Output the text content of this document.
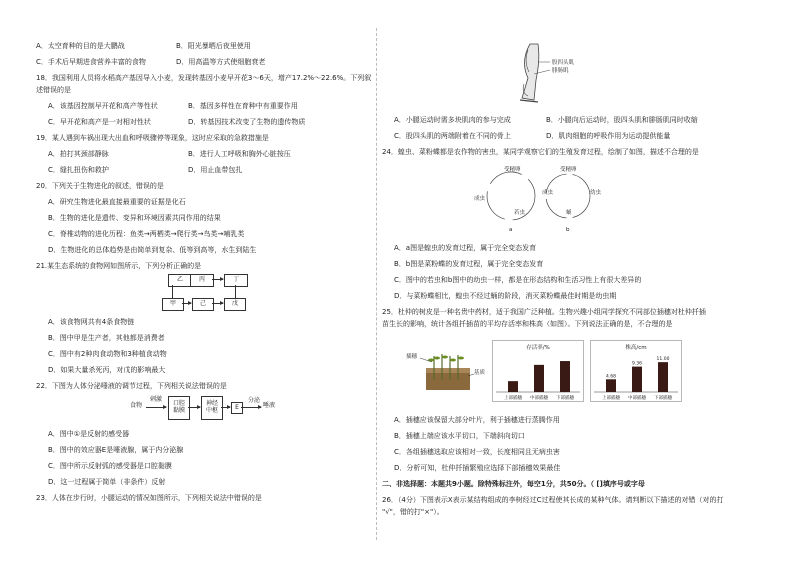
A．太空育种的目的是大鹏战	B．阳光暴晒后夜里使用
C．手术后早期进食营养丰富的食物	D．用高温等方式使细胞衰老
18．我国利用人员将水稻高产基因导入小麦，发现转基因小麦早开花3～6天，增产17.2%～22.6%。下列叙
述错误的是
A．该基因控制早开花和高产等性状	B．基因多样性在育种中有重要作用
C．早开花和高产是一对相对性状	D．转基因技术改变了生物的遗传物质
19．某人遇到车祸出现大出血和呼吸骤停等现象，这时应采取的急救措施是
A．拍打其颈部静脉	B．进行人工呼吸和胸外心脏按压
C．缝扎扭伤和救护	D．用止血带包扎
20．下列关于生物进化的叙述，错误的是
A．研究生物进化最直接最重要的证据是化石
B．生物的进化是遗传、变异和环境因素共同作用的结果
C．脊椎动物的进化历程：鱼类→两栖类→爬行类→鸟类→哺乳类
D．生物进化的总体趋势是由简单到复杂、低等到高等，水生到陆生
21.某生态系统的食物网如图所示，下列分析正确的是
乙	丙	丁
甲	己	戊
A．该食物网共有4条食物链
B．图中甲是生产者，其他都是消费者
C．图中有2种肉食动物和3种植食动物
D．如果大量杀死丙，对戊的影响最大
22．下图为人体分泌唾液的调节过程，下列相关说法错误的是
食物
刺激
口腔
黏膜
神经
中枢	E
分泌
唾液
A．图中①是反射的感受器
B．图中的效应器E是唾液腺，属于内分泌腺
C．图中所示反射弧的感受器是口腔黏膜
D．这一过程属于简单（非条件）反射
23．人体在步行时，小腿运动的情况如图所示，下列相关说法中错误的是
股四头肌
腓肠肌
A．小腿运动时需多块肌肉的参与完成	B．小腿向后运动时，股四头肌和腓肠肌同时收缩
C．股四头肌的两端附着在不同的骨上	D．肌肉细胞的呼吸作用为运动提供能量
24．蝗虫、菜粉蝶都是农作物的害虫，某同学观察它们的生殖发育过程，绘制了如图，描述不合理的是
受精卵
成虫
若虫
a
受精卵
成虫	幼虫
蛹
b
A．a图是蝗虫的发育过程，属于完全变态发育
B．b图是菜粉蝶的发育过程，属于完全变态发育
C．图中的若虫和b图中的幼虫一样，都是在形态结构和生活习性上有很大差异的
D．与菜粉蝶相比，蝗虫不经过蛹的阶段，消灭菜粉蝶最佳时期是幼虫期
25．杜仲的树皮是一种名贵中药材，适于我国广泛种植。生物兴趣小组同学探究不同部位插穗对杜仲扦插
苗生长的影响，统计各组扦插苗的平均存活率和株高（如图）。下列说法正确的是，不合理的是
插穗
基质
存活率/%
上部插穗 中部插穗 下部插穗
株高/cm
上部插穗 中部插穗 下部插穗
4.68
9.36
11.00
A．插穗应该保留大部分叶片，利于插穗进行蒸腾作用
B．插穗上端应该水平切口，下端斜向切口
C．各组插穗选取应该相对一致，长度相同且无病虫害
D．分析可知，杜仲扦插繁殖应选择下部插穗效果最佳
二、非选择题：本题共9小题。除特殊标注外，每空1分，共50分。（ []填序号或字母
26．（4分）下图表示X表示某结构组成的李树经过C过程使其长成的某种气体。请判断以下描述的对错（对的打
"√"，错的打"×"）。
